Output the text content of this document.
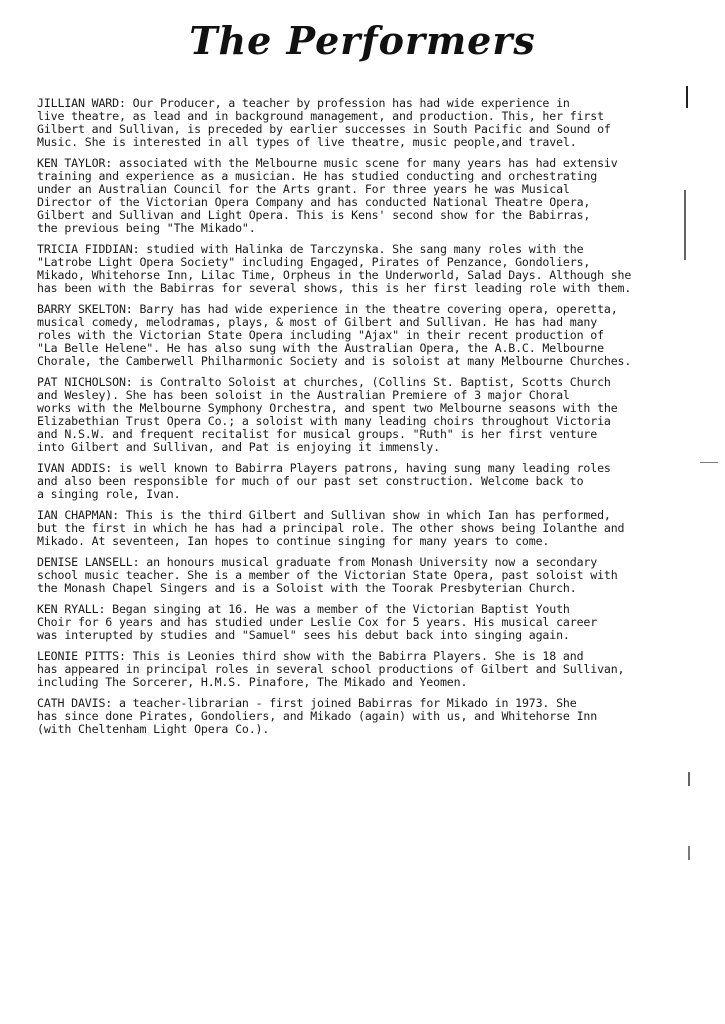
The Performers

JILLIAN WARD: Our Producer, a teacher by profession has had wide experience in
live theatre, as lead and in background management, and production. This, her first
Gilbert and Sullivan, is preceded by earlier successes in South Pacific and Sound of
Music. She is interested in all types of live theatre, music people,and travel.

KEN TAYLOR: associated with the Melbourne music scene for many years has had extensiv
training and experience as a musician. He has studied conducting and orchestrating
under an Australian Council for the Arts grant. For three years he was Musical
Director of the Victorian Opera Company and has conducted National Theatre Opera,
Gilbert and Sullivan and Light Opera. This is Kens' second show for the Babirras,
the previous being "The Mikado".

TRICIA FIDDIAN: studied with Halinka de Tarczynska. She sang many roles with the
"Latrobe Light Opera Society" including Engaged, Pirates of Penzance, Gondoliers,
Mikado, Whitehorse Inn, Lilac Time, Orpheus in the Underworld, Salad Days. Although she
has been with the Babirras for several shows, this is her first leading role with them.

BARRY SKELTON: Barry has had wide experience in the theatre covering opera, operetta,
musical comedy, melodramas, plays, & most of Gilbert and Sullivan. He has had many
roles with the Victorian State Opera including "Ajax" in their recent production of
"La Belle Helene". He has also sung with the Australian Opera, the A.B.C. Melbourne
Chorale, the Camberwell Philharmonic Society and is soloist at many Melbourne Churches.

PAT NICHOLSON: is Contralto Soloist at churches, (Collins St. Baptist, Scotts Church
and Wesley). She has been soloist in the Australian Premiere of 3 major Choral
works with the Melbourne Symphony Orchestra, and spent two Melbourne seasons with the
Elizabethian Trust Opera Co.; a soloist with many leading choirs throughout Victoria
and N.S.W. and frequent recitalist for musical groups. "Ruth" is her first venture
into Gilbert and Sullivan, and Pat is enjoying it immensly.

IVAN ADDIS: is well known to Babirra Players patrons, having sung many leading roles
and also been responsible for much of our past set construction. Welcome back to
a singing role, Ivan.

IAN CHAPMAN: This is the third Gilbert and Sullivan show in which Ian has performed,
but the first in which he has had a principal role. The other shows being Iolanthe and
Mikado. At seventeen, Ian hopes to continue singing for many years to come.

DENISE LANSELL: an honours musical graduate from Monash University now a secondary
school music teacher. She is a member of the Victorian State Opera, past soloist with
the Monash Chapel Singers and is a Soloist with the Toorak Presbyterian Church.

KEN RYALL: Began singing at 16. He was a member of the Victorian Baptist Youth
Choir for 6 years and has studied under Leslie Cox for 5 years. His musical career
was interupted by studies and "Samuel" sees his debut back into singing again.

LEONIE PITTS: This is Leonies third show with the Babirra Players. She is 18 and
has appeared in principal roles in several school productions of Gilbert and Sullivan,
including The Sorcerer, H.M.S. Pinafore, The Mikado and Yeomen.

CATH DAVIS: a teacher-librarian - first joined Babirras for Mikado in 1973. She
has since done Pirates, Gondoliers, and Mikado (again) with us, and Whitehorse Inn
(with Cheltenham Light Opera Co.).
